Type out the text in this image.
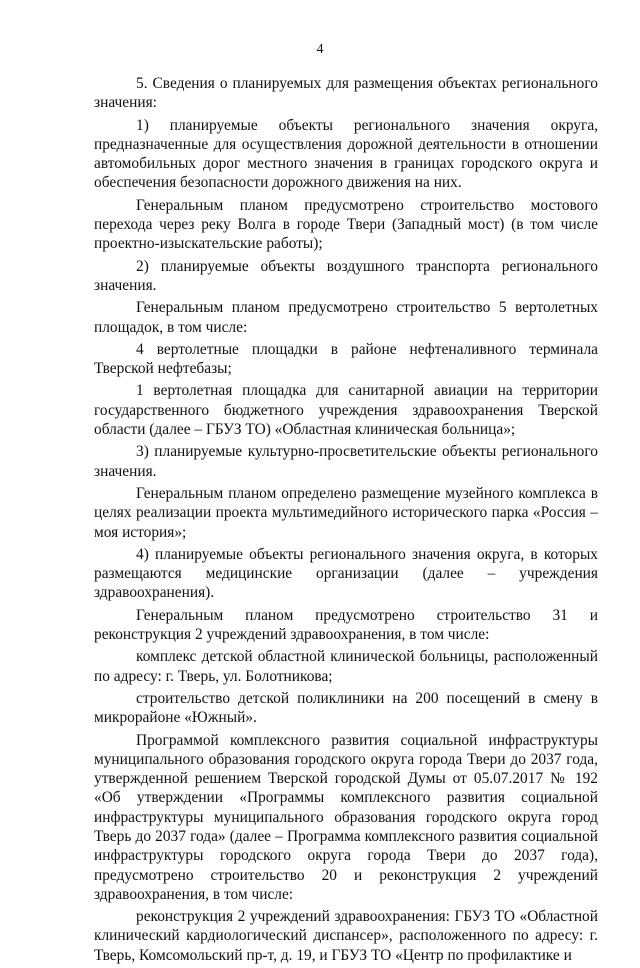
4

5. Сведения о планируемых для размещения объектах регионального значения:

1) планируемые объекты регионального значения округа, предназначенные для осуществления дорожной деятельности в отношении автомобильных дорог местного значения в границах городского округа и обеспечения безопасности дорожного движения на них.

Генеральным планом предусмотрено строительство мостового перехода через реку Волга в городе Твери (Западный мост) (в том числе проектно-изыскательские работы);

2) планируемые объекты воздушного транспорта регионального значения.

Генеральным планом предусмотрено строительство 5 вертолетных площадок, в том числе:

4 вертолетные площадки в районе нефтеналивного терминала Тверской нефтебазы;

1 вертолетная площадка для санитарной авиации на территории государственного бюджетного учреждения здравоохранения Тверской области (далее – ГБУЗ ТО) «Областная клиническая больница»;

3) планируемые культурно-просветительские объекты регионального значения.

Генеральным планом определено размещение музейного комплекса в целях реализации проекта мультимедийного исторического парка «Россия – моя история»;

4) планируемые объекты регионального значения округа, в которых размещаются медицинские организации (далее – учреждения здравоохранения).

Генеральным планом предусмотрено строительство 31 и реконструкция 2 учреждений здравоохранения, в том числе:

комплекс детской областной клинической больницы, расположенный по адресу: г. Тверь, ул. Болотникова;

строительство детской поликлиники на 200 посещений в смену в микрорайоне «Южный».

Программой комплексного развития социальной инфраструктуры муниципального образования городского округа города Твери до 2037 года, утвержденной решением Тверской городской Думы от 05.07.2017 № 192 «Об утверждении «Программы комплексного развития социальной инфраструктуры муниципального образования городского округа город Тверь до 2037 года» (далее – Программа комплексного развития социальной инфраструктуры городского округа города Твери до 2037 года), предусмотрено строительство 20 и реконструкция 2 учреждений здравоохранения, в том числе:

реконструкция 2 учреждений здравоохранения: ГБУЗ ТО «Областной клинический кардиологический диспансер», расположенного по адресу: г. Тверь, Комсомольский пр-т, д. 19, и ГБУЗ ТО «Центр по профилактике и
